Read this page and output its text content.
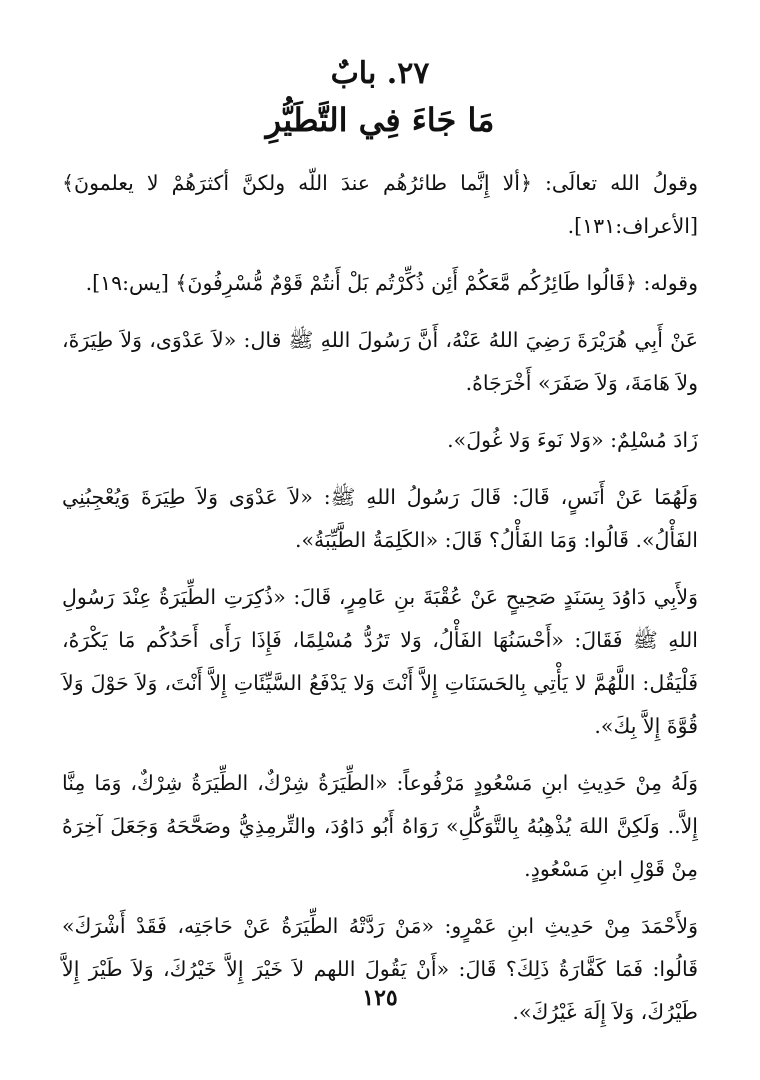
٢٧. بابٌ
مَا جَاءَ فِي التَّطَيُّرِ

وقولُ الله تعالَى: ﴿ألا إِنَّما طائرُهُم عندَ اللّه ولكنَّ أكثرَهُمْ لا يعلمونَ﴾ [الأعراف:١٣١].

وقوله: ﴿قَالُوا طَائِرُكُم مَّعَكُمْ أَئِن ذُكِّرْتُم بَلْ أَنتُمْ قَوْمٌ مُّسْرِفُونَ﴾ [يس:١٩].

عَنْ أَبِي هُرَيْرَةَ رَضِيَ اللهُ عَنْهُ، أَنَّ رَسُولَ اللهِ ﷺ قال: «لاَ عَدْوَى، وَلاَ طِيَرَةَ، ولاَ هَامَةَ، وَلاَ صَفَرَ» أَخْرَجَاهُ.

زَادَ مُسْلِمٌ: «وَلا نَوءَ وَلا غُولَ».

وَلَهُمَا عَنْ أَنَسٍ، قَالَ: قَالَ رَسُولُ اللهِ ﷺ: «لاَ عَدْوَى وَلاَ طِيَرَةَ وَيُعْجِبُنِي الفَأْلُ». قَالُوا: وَمَا الفَأْلُ؟ قَالَ: «الكَلِمَةُ الطَّيِّبَةُ».

وَلأَبِي دَاوُدَ بِسَنَدٍ صَحِيحٍ عَنْ عُقْبَةَ بنِ عَامِرٍ، قَالَ: «ذُكِرَتِ الطِّيَرَةُ عِنْدَ رَسُولِ اللهِ ﷺ فَقَالَ: «أَحْسَنُهَا الفَأْلُ، وَلا تَرُدُّ مُسْلِمًا، فَإِذَا رَأَى أَحَدُكُم مَا يَكْرَهُ، فَلْيَقُل: اللَّهُمَّ لا يَأْتِي بِالحَسَنَاتِ إِلاَّ أَنْتَ وَلا يَدْفَعُ السَّيِّئَاتِ إِلاَّ أَنْتَ، وَلاَ حَوْلَ وَلاَ قُوَّةَ إِلاَّ بِكَ».

وَلَهُ مِنْ حَدِيثِ ابنِ مَسْعُودٍ مَرْفُوعاً: «الطِّيَرَةُ شِرْكٌ، الطِّيَرَةُ شِرْكٌ، وَمَا مِنَّا إِلاَّ.. وَلَكِنَّ اللهَ يُذْهِبُهُ بِالتَّوَكُّلِ» رَوَاهُ أَبُو دَاوُدَ، والتِّرمِذِيُّ وصَحَّحَهُ وَجَعَلَ آخِرَهُ مِنْ قَوْلِ ابنِ مَسْعُودٍ.

وَلأَحْمَدَ مِنْ حَدِيثِ ابنِ عَمْرٍو: «مَنْ رَدَّتْهُ الطِّيَرَةُ عَنْ حَاجَتِه، فَقَدْ أَشْرَكَ» قَالُوا: فَمَا كَفَّارَةُ ذَلِكَ؟ قَالَ: «أَنْ يَقُولَ اللهم لاَ خَيْرَ إِلاَّ خَيْرُكَ، وَلاَ طَيْرَ إِلاَّ طَيْرُكَ، وَلاَ إِلَهَ غَيْرُكَ».

١٢٥
